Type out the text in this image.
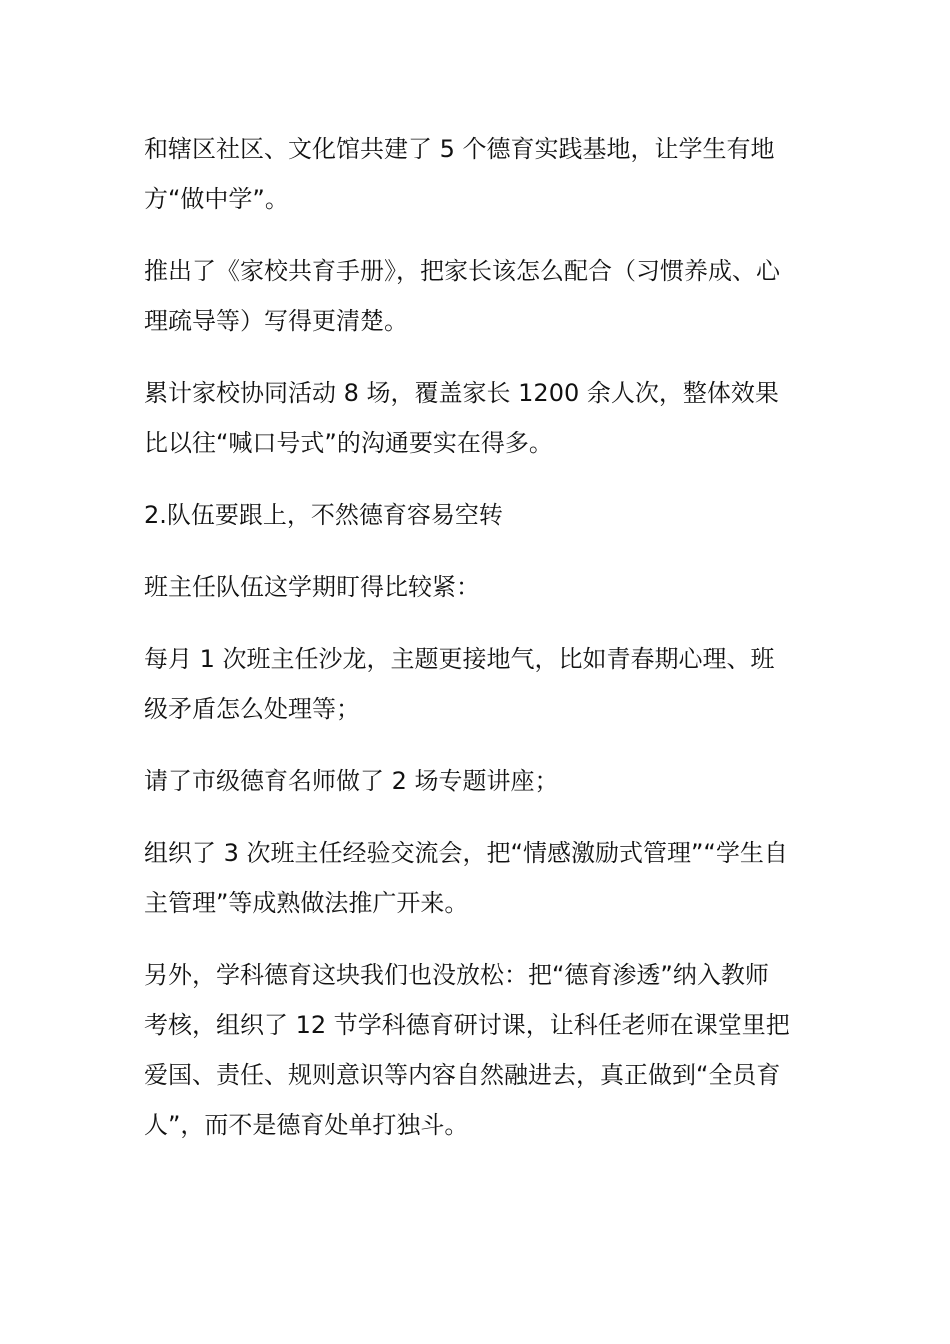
和辖区社区、文化馆共建了 5 个德育实践基地，让学生有地方“做中学”。

推出了《家校共育手册》，把家长该怎么配合（习惯养成、心理疏导等）写得更清楚。

累计家校协同活动 8 场，覆盖家长 1200 余人次，整体效果比以往“喊口号式”的沟通要实在得多。

2.队伍要跟上，不然德育容易空转

班主任队伍这学期盯得比较紧：

每月 1 次班主任沙龙，主题更接地气，比如青春期心理、班级矛盾怎么处理等；

请了市级德育名师做了 2 场专题讲座；

组织了 3 次班主任经验交流会，把“情感激励式管理”“学生自主管理”等成熟做法推广开来。

另外，学科德育这块我们也没放松：把“德育渗透”纳入教师考核，组织了 12 节学科德育研讨课，让科任老师在课堂里把爱国、责任、规则意识等内容自然融进去，真正做到“全员育人”，而不是德育处单打独斗。
